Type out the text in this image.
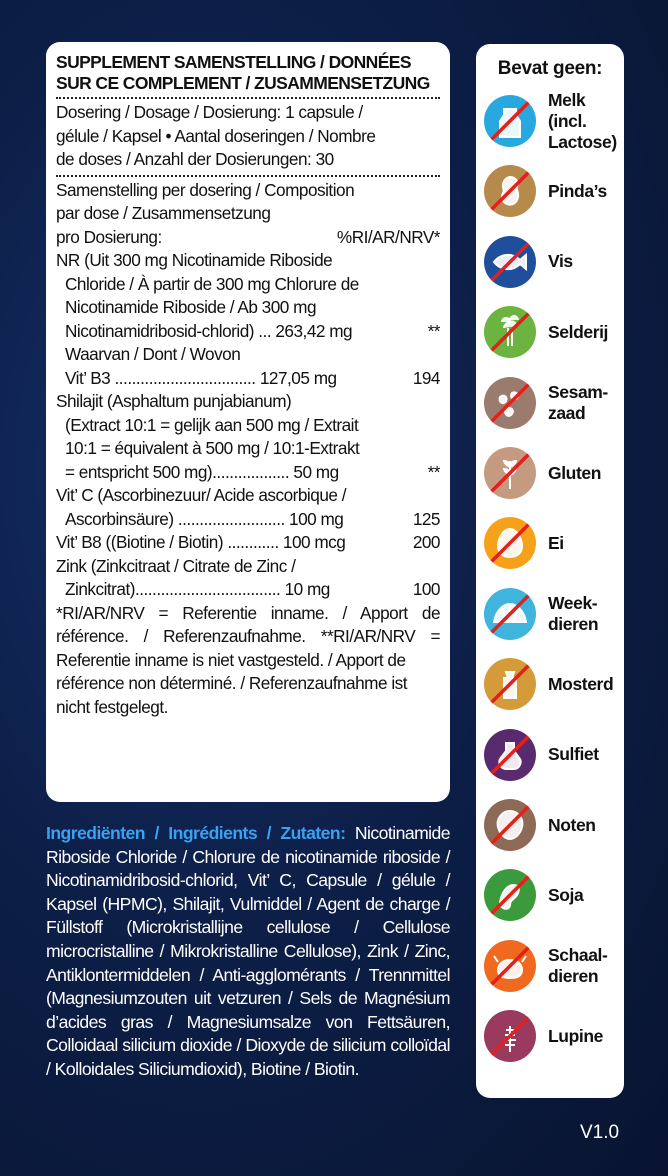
SUPPLEMENT SAMENSTELLING / DONNÉES
SUR CE COMPLEMENT / ZUSAMMENSETZUNG
Dosering / Dosage / Dosierung: 1 capsule /
gélule / Kapsel • Aantal doseringen / Nombre
de doses / Anzahl der Dosierungen: 30
Samenstelling per dosering / Composition
par dose / Zusammensetzung
pro Dosierung:	%RI/AR/NRV*
NR (Uit 300 mg Nicotinamide Riboside
Chloride / À partir de 300 mg Chlorure de
Nicotinamide Riboside / Ab 300 mg
Nicotinamidribosid-chlorid) ... 263,42 mg	**
Waarvan / Dont / Wovon
Vit’ B3 ................................. 127,05 mg	194
Shilajit (Asphaltum punjabianum)
(Extract 10:1 = gelijk aan 500 mg / Extrait
10:1 = équivalent à 500 mg / 10:1-Extrakt
= entspricht 500 mg).................. 50 mg	**
Vit’ C (Ascorbinezuur/ Acide ascorbique /
Ascorbinsäure) ......................... 100 mg	125
Vit’ B8 ((Biotine / Biotin) ............ 100 mcg	200
Zink (Zinkcitraat / Citrate de Zinc /
Zinkcitrat).................................. 10 mg	100
*RI/AR/NRV = Referentie inname. / Apport de
référence. / Referenzaufnahme. **RI/AR/NRV =
Referentie inname is niet vastgesteld. / Apport de
référence non déterminé. / Referenzaufnahme ist
nicht festgelegt.
Bevat geen:
Melk
(incl.
Lactose)
Pinda’s
Vis
Selderij
Sesam-
zaad
Gluten
Ei
Week-
dieren
Mosterd
Sulfiet
Noten
Soja
Schaal-
dieren
Lupine
Ingrediënten / Ingrédients / Zutaten: Nicotinamide Riboside Chloride / Chlorure de nicotinamide riboside / Nicotinamidribosid-chlorid, Vit’ C, Capsule / gélule / Kapsel (HPMC), Shilajit, Vulmiddel / Agent de charge / Füllstoff (Microkristallijne cellulose / Cellulose microcristalline / Mikrokristalline Cellulose), Zink / Zinc, Antiklontermiddelen / Anti-agglomérants / Trennmittel (Magnesiumzouten uit vetzuren / Sels de Magnésium d’acides gras / Magnesiumsalze von Fettsäuren, Colloidaal silicium dioxide / Dioxyde de silicium colloïdal / Kolloidales Siliciumdioxid), Biotine / Biotin.
V1.0
